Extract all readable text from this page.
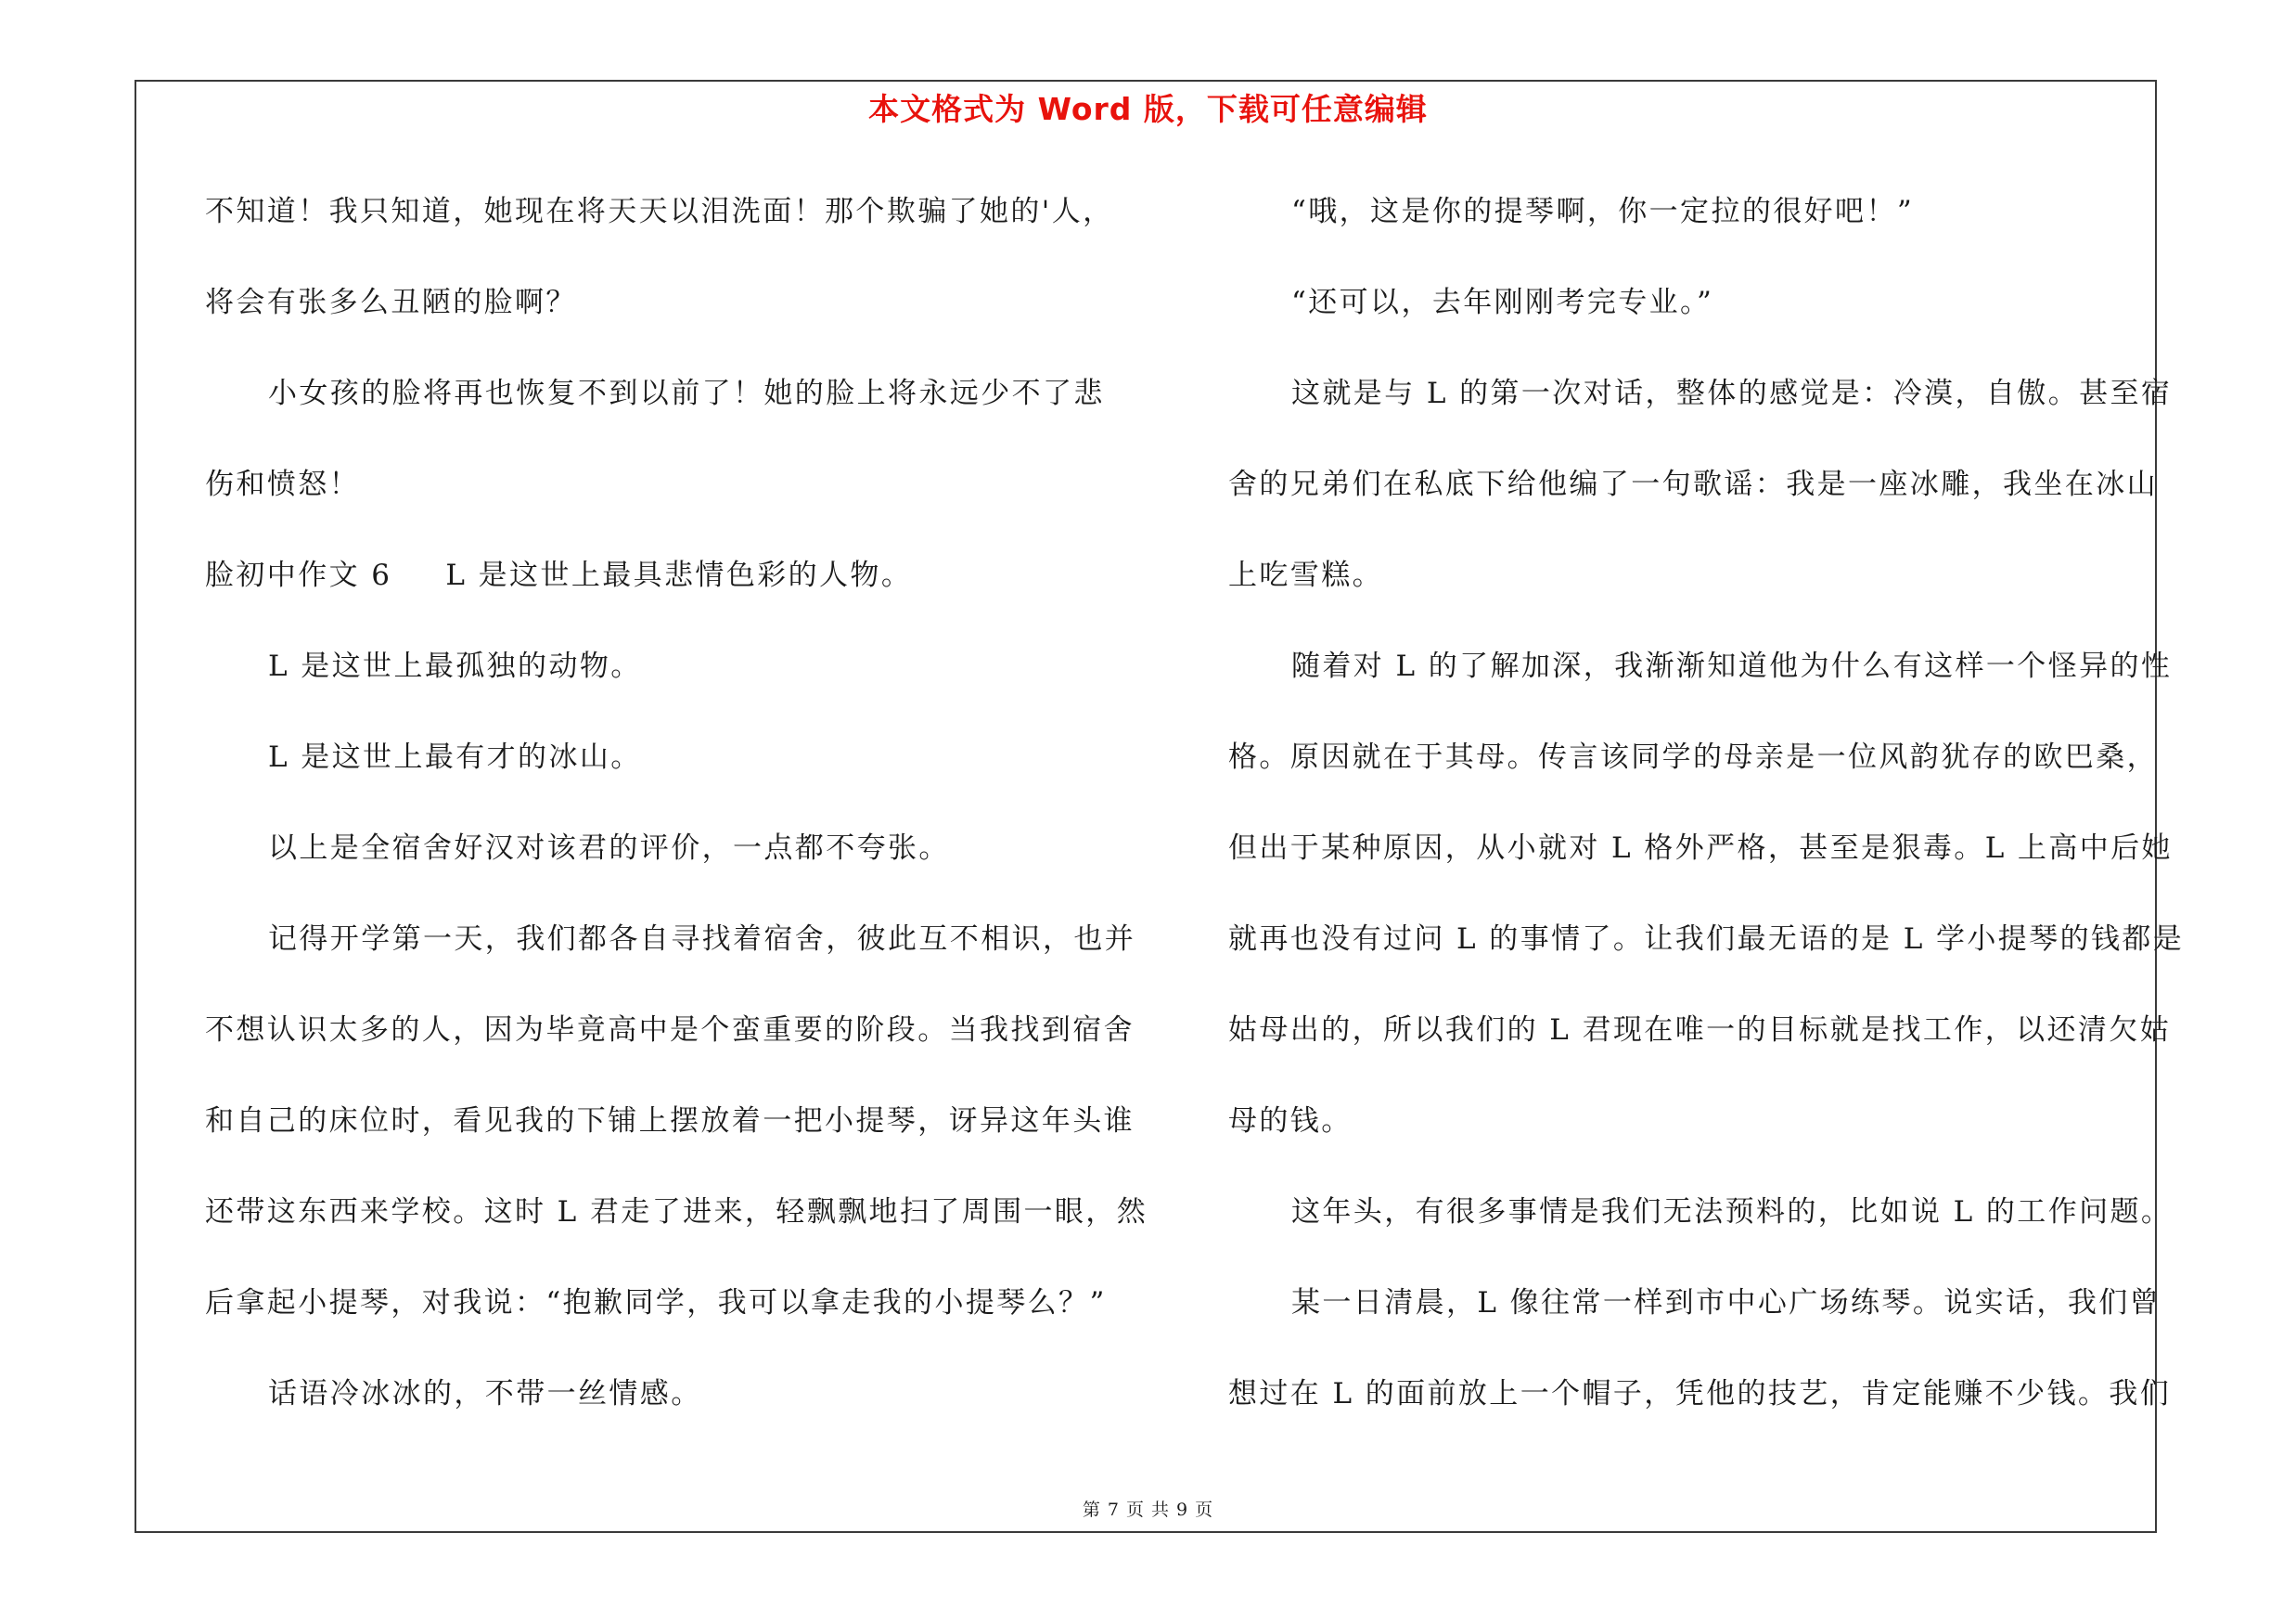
本文格式为 Word 版，下载可任意编辑
不知道！我只知道，她现在将天天以泪洗面！那个欺骗了她的'人，
将会有张多么丑陋的脸啊？
小女孩的脸将再也恢复不到以前了！她的脸上将永远少不了悲
伤和愤怒！
脸初中作文 6 L 是这世上最具悲情色彩的人物。
L 是这世上最孤独的动物。
L 是这世上最有才的冰山。
以上是全宿舍好汉对该君的评价，一点都不夸张。
记得开学第一天，我们都各自寻找着宿舍，彼此互不相识，也并
不想认识太多的人，因为毕竟高中是个蛮重要的阶段。当我找到宿舍
和自己的床位时，看见我的下铺上摆放着一把小提琴，讶异这年头谁
还带这东西来学校。这时 L 君走了进来，轻飘飘地扫了周围一眼，然
后拿起小提琴，对我说：“抱歉同学，我可以拿走我的小提琴么？”
话语冷冰冰的，不带一丝情感。
“哦，这是你的提琴啊，你一定拉的很好吧！”
“还可以，去年刚刚考完专业。”
这就是与 L 的第一次对话，整体的感觉是：冷漠，自傲。甚至宿
舍的兄弟们在私底下给他编了一句歌谣：我是一座冰雕，我坐在冰山
上吃雪糕。
随着对 L 的了解加深，我渐渐知道他为什么有这样一个怪异的性
格。原因就在于其母。传言该同学的母亲是一位风韵犹存的欧巴桑，
但出于某种原因，从小就对 L 格外严格，甚至是狠毒。L 上高中后她
就再也没有过问 L 的事情了。让我们最无语的是 L 学小提琴的钱都是
姑母出的，所以我们的 L 君现在唯一的目标就是找工作，以还清欠姑
母的钱。
这年头，有很多事情是我们无法预料的，比如说 L 的工作问题。
某一日清晨，L 像往常一样到市中心广场练琴。说实话，我们曾
想过在 L 的面前放上一个帽子，凭他的技艺，肯定能赚不少钱。我们
第 7 页 共 9 页
